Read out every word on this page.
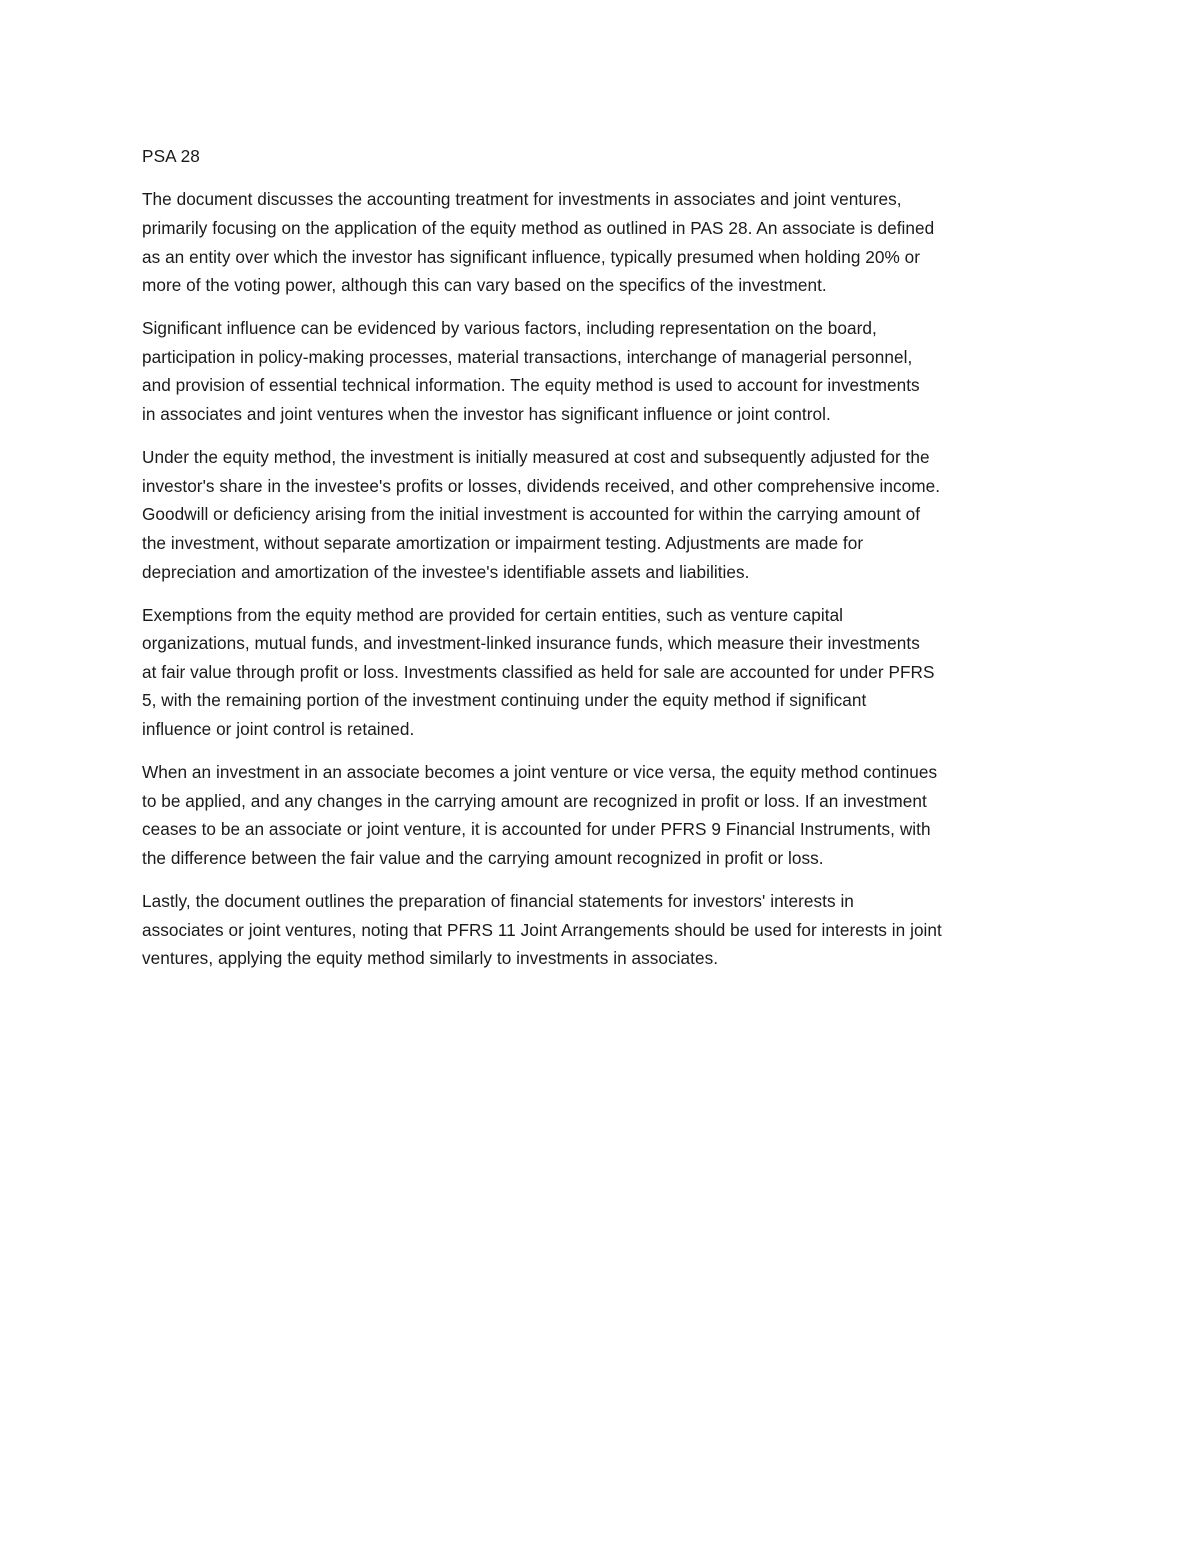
PSA 28

The document discusses the accounting treatment for investments in associates and joint ventures,
primarily focusing on the application of the equity method as outlined in PAS 28. An associate is defined
as an entity over which the investor has significant influence, typically presumed when holding 20% or
more of the voting power, although this can vary based on the specifics of the investment.

Significant influence can be evidenced by various factors, including representation on the board,
participation in policy-making processes, material transactions, interchange of managerial personnel,
and provision of essential technical information. The equity method is used to account for investments
in associates and joint ventures when the investor has significant influence or joint control.

Under the equity method, the investment is initially measured at cost and subsequently adjusted for the
investor's share in the investee's profits or losses, dividends received, and other comprehensive income.
Goodwill or deficiency arising from the initial investment is accounted for within the carrying amount of
the investment, without separate amortization or impairment testing. Adjustments are made for
depreciation and amortization of the investee's identifiable assets and liabilities.

Exemptions from the equity method are provided for certain entities, such as venture capital
organizations, mutual funds, and investment-linked insurance funds, which measure their investments
at fair value through profit or loss. Investments classified as held for sale are accounted for under PFRS
5, with the remaining portion of the investment continuing under the equity method if significant
influence or joint control is retained.

When an investment in an associate becomes a joint venture or vice versa, the equity method continues
to be applied, and any changes in the carrying amount are recognized in profit or loss. If an investment
ceases to be an associate or joint venture, it is accounted for under PFRS 9 Financial Instruments, with
the difference between the fair value and the carrying amount recognized in profit or loss.

Lastly, the document outlines the preparation of financial statements for investors' interests in
associates or joint ventures, noting that PFRS 11 Joint Arrangements should be used for interests in joint
ventures, applying the equity method similarly to investments in associates.
